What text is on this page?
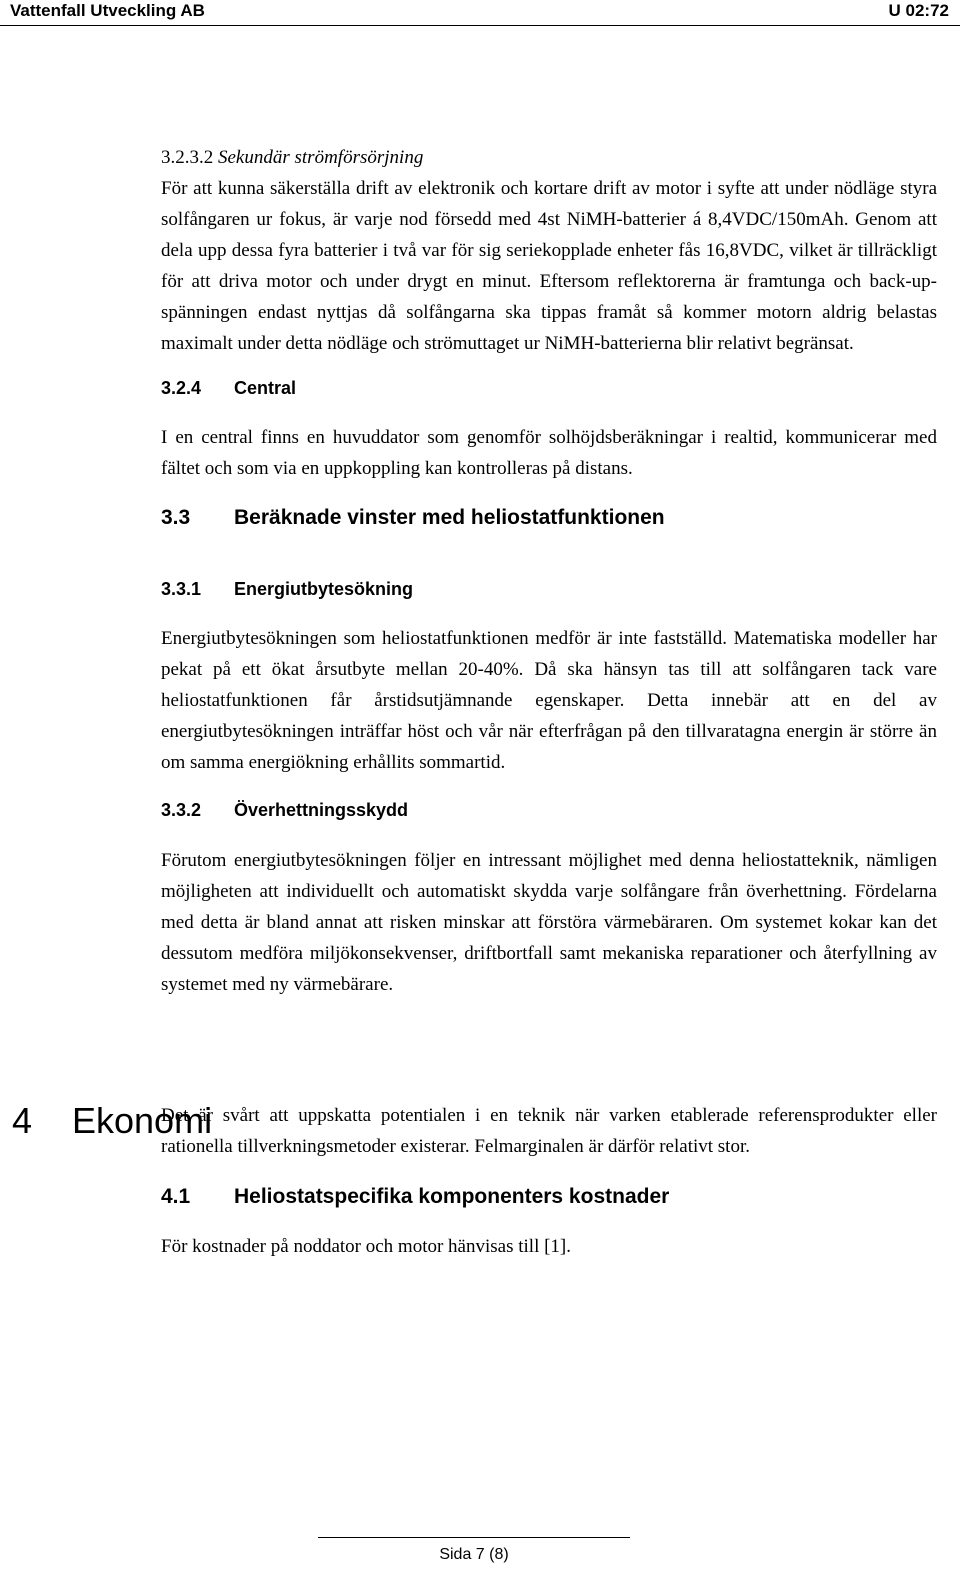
Vattenfall Utveckling AB	U 02:72
3.2.3.2 Sekundär strömförsörjning

För att kunna säkerställa drift av elektronik och kortare drift av motor i syfte att under nödläge styra solfångaren ur fokus, är varje nod försedd med 4st NiMH-batterier á 8,4VDC/150mAh. Genom att dela upp dessa fyra batterier i två var för sig seriekopplade enheter fås 16,8VDC, vilket är tillräckligt för att driva motor och under drygt en minut. Eftersom reflektorerna är framtunga och back-up-spänningen endast nyttjas då solfångarna ska tippas framåt så kommer motorn aldrig belastas maximalt under detta nödläge och strömuttaget ur NiMH-batterierna blir relativt begränsat.

3.2.4	Central

I en central finns en huvuddator som genomför solhöjdsberäkningar i realtid, kommunicerar med fältet och som via en uppkoppling kan kontrolleras på distans.

3.3	Beräknade vinster med heliostatfunktionen
3.3.1	Energiutbytesökning

Energiutbytesökningen som heliostatfunktionen medför är inte fastställd. Matematiska modeller har pekat på ett ökat årsutbyte mellan 20-40%. Då ska hänsyn tas till att solfångaren tack vare heliostatfunktionen får årstidsutjämnande egenskaper. Detta innebär att en del av energiutbytesökningen inträffar höst och vår när efterfrågan på den tillvaratagna energin är större än om samma energiökning erhållits sommartid.

3.3.2	Överhettningsskydd

Förutom energiutbytesökningen följer en intressant möjlighet med denna heliostatteknik, nämligen möjligheten att individuellt och automatiskt skydda varje solfångare från överhettning. Fördelarna med detta är bland annat att risken minskar att förstöra värmebäraren. Om systemet kokar kan det dessutom medföra miljökonsekvenser, driftbortfall samt mekaniska reparationer och återfyllning av systemet med ny värmebärare.

Det är svårt att uppskatta potentialen i en teknik när varken etablerade referensprodukter eller rationella tillverkningsmetoder existerar. Felmarginalen är därför relativt stor.

4.1	Heliostatspecifika komponenters kostnader

För kostnader på noddator och motor hänvisas till [1].

4	Ekonomi
Sida 7 (8)
